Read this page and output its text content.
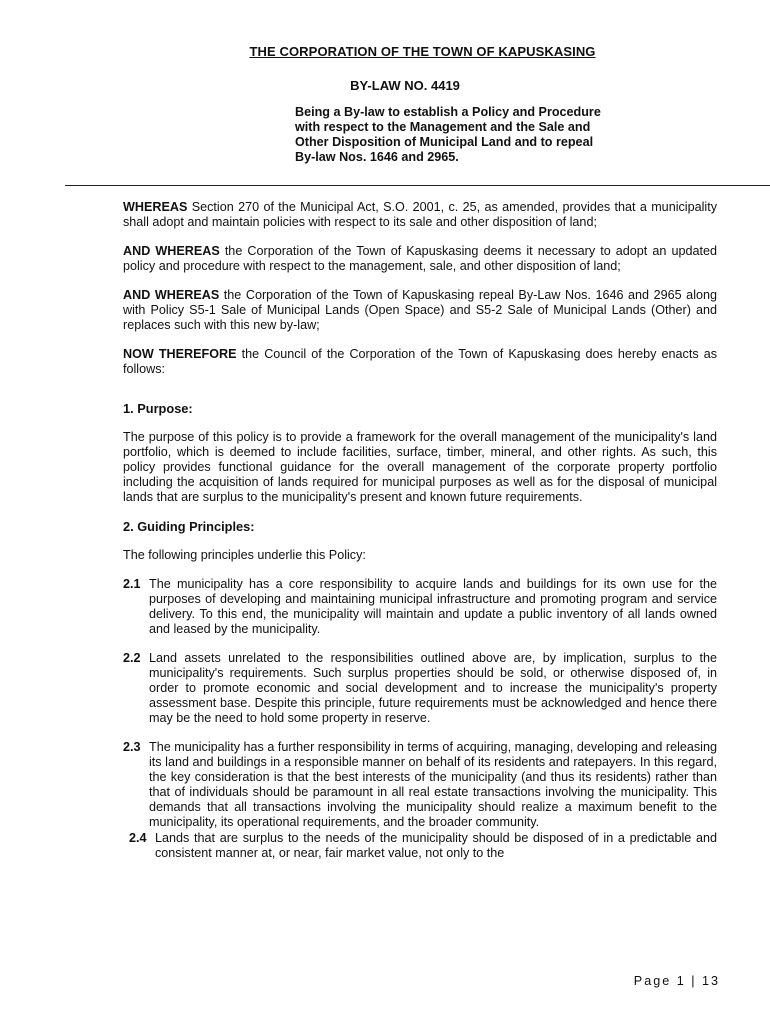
THE CORPORATION OF THE TOWN OF KAPUSKASING
BY-LAW NO. 4419
Being a By-law to establish a Policy and Procedure with respect to the Management and the Sale and Other Disposition of Municipal Land and to repeal By-law Nos. 1646 and 2965.

WHEREAS Section 270 of the Municipal Act, S.O. 2001, c. 25, as amended, provides that a municipality shall adopt and maintain policies with respect to its sale and other disposition of land;

AND WHEREAS the Corporation of the Town of Kapuskasing deems it necessary to adopt an updated policy and procedure with respect to the management, sale, and other disposition of land;

AND WHEREAS the Corporation of the Town of Kapuskasing repeal By-Law Nos. 1646 and 2965 along with Policy S5-1 Sale of Municipal Lands (Open Space) and S5-2 Sale of Municipal Lands (Other) and replaces such with this new by-law;

NOW THEREFORE the Council of the Corporation of the Town of Kapuskasing does hereby enacts as follows:

1. Purpose:

The purpose of this policy is to provide a framework for the overall management of the municipality's land portfolio, which is deemed to include facilities, surface, timber, mineral, and other rights. As such, this policy provides functional guidance for the overall management of the corporate property portfolio including the acquisition of lands required for municipal purposes as well as for the disposal of municipal lands that are surplus to the municipality's present and known future requirements.

2. Guiding Principles:

The following principles underlie this Policy:

2.1 The municipality has a core responsibility to acquire lands and buildings for its own use for the purposes of developing and maintaining municipal infrastructure and promoting program and service delivery. To this end, the municipality will maintain and update a public inventory of all lands owned and leased by the municipality.
2.2 Land assets unrelated to the responsibilities outlined above are, by implication, surplus to the municipality's requirements. Such surplus properties should be sold, or otherwise disposed of, in order to promote economic and social development and to increase the municipality's property assessment base. Despite this principle, future requirements must be acknowledged and hence there may be the need to hold some property in reserve.
2.3 The municipality has a further responsibility in terms of acquiring, managing, developing and releasing its land and buildings in a responsible manner on behalf of its residents and ratepayers. In this regard, the key consideration is that the best interests of the municipality (and thus its residents) rather than that of individuals should be paramount in all real estate transactions involving the municipality. This demands that all transactions involving the municipality should realize a maximum benefit to the municipality, its operational requirements, and the broader community.
2.4 Lands that are surplus to the needs of the municipality should be disposed of in a predictable and consistent manner at, or near, fair market value, not only to the
Page 1 | 13
